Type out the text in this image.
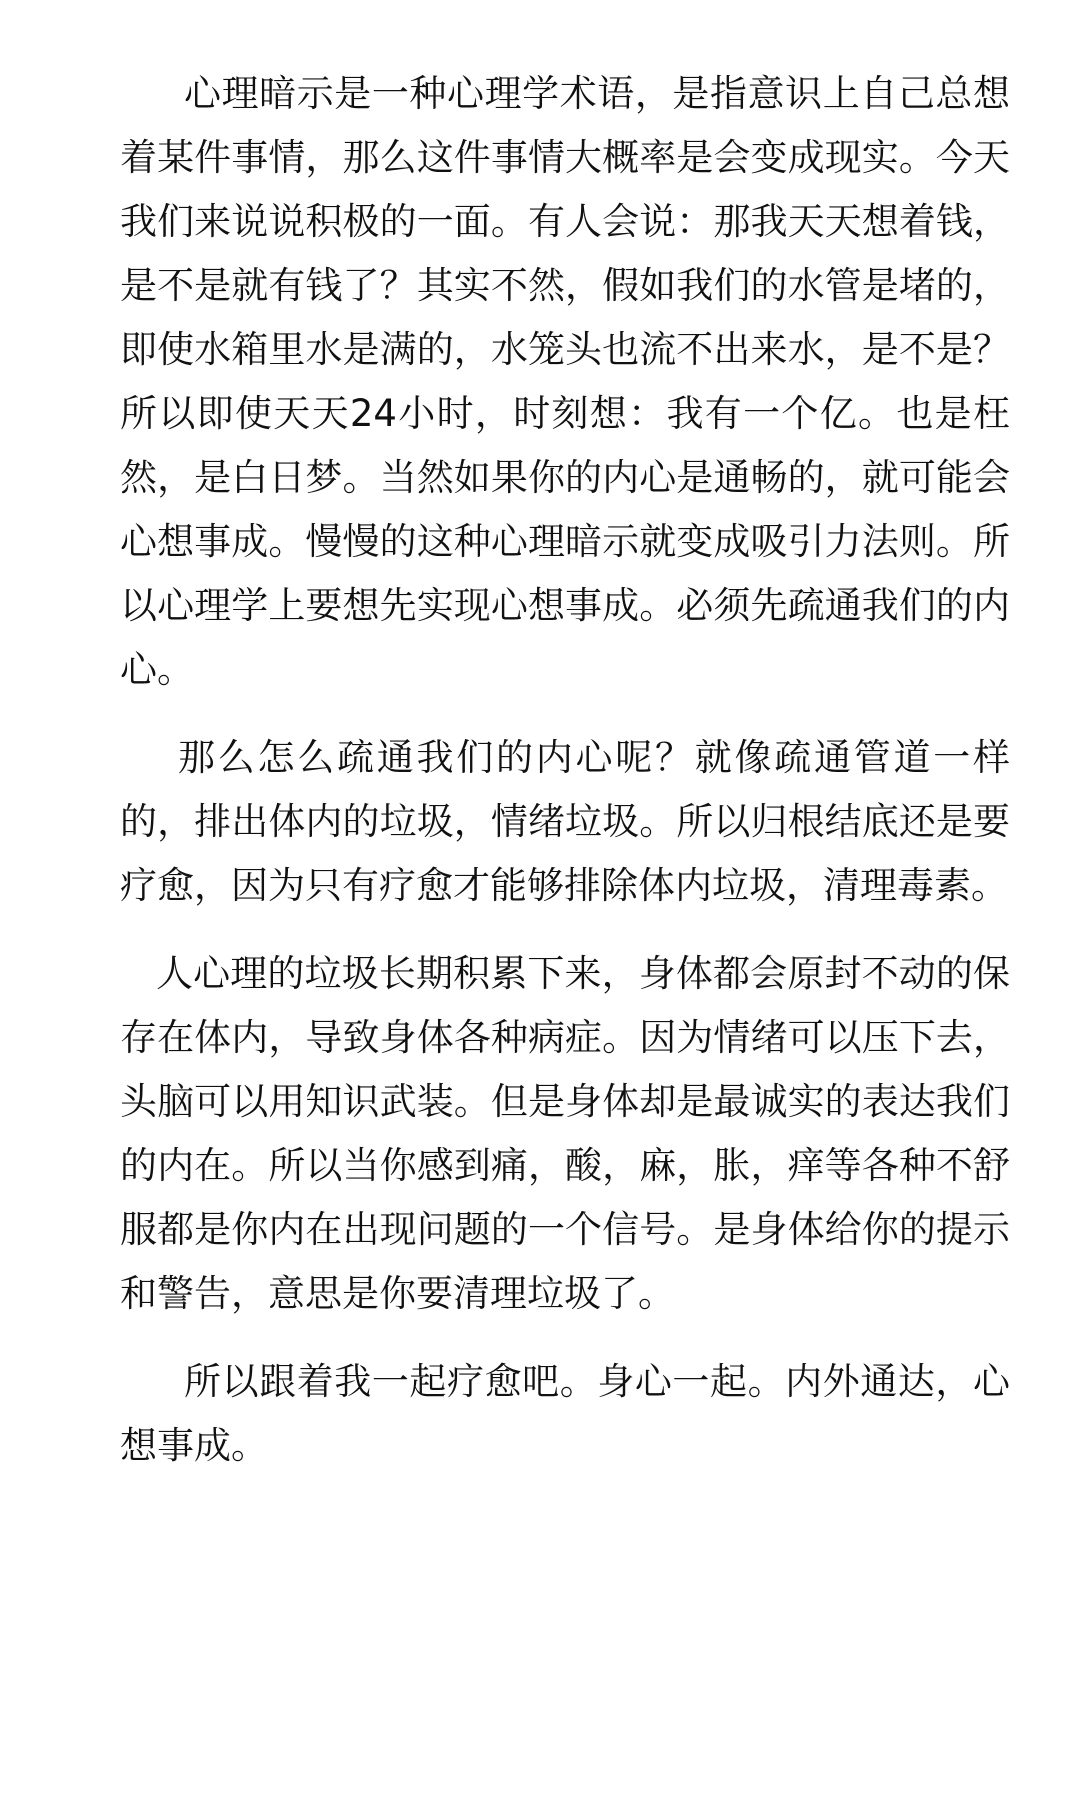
心理暗示是一种心理学术语，是指意识上自己总想着某件事情，那么这件事情大概率是会变成现实。今天我们来说说积极的一面。有人会说：那我天天想着钱，是不是就有钱了？其实不然，假如我们的水管是堵的，即使水箱里水是满的，水笼头也流不出来水，是不是？所以即使天天24小时，时刻想：我有一个亿。也是枉然，是白日梦。当然如果你的内心是通畅的，就可能会心想事成。慢慢的这种心理暗示就变成吸引力法则。所以心理学上要想先实现心想事成。必须先疏通我们的内心。

那么怎么疏通我们的内心呢？就像疏通管道一样的，排出体内的垃圾，情绪垃圾。所以归根结底还是要疗愈，因为只有疗愈才能够排除体内垃圾，清理毒素。

人心理的垃圾长期积累下来，身体都会原封不动的保存在体内，导致身体各种病症。因为情绪可以压下去，头脑可以用知识武装。但是身体却是最诚实的表达我们的内在。所以当你感到痛，酸，麻，胀，痒等各种不舒服都是你内在出现问题的一个信号。是身体给你的提示和警告，意思是你要清理垃圾了。

所以跟着我一起疗愈吧。身心一起。内外通达，心想事成。
